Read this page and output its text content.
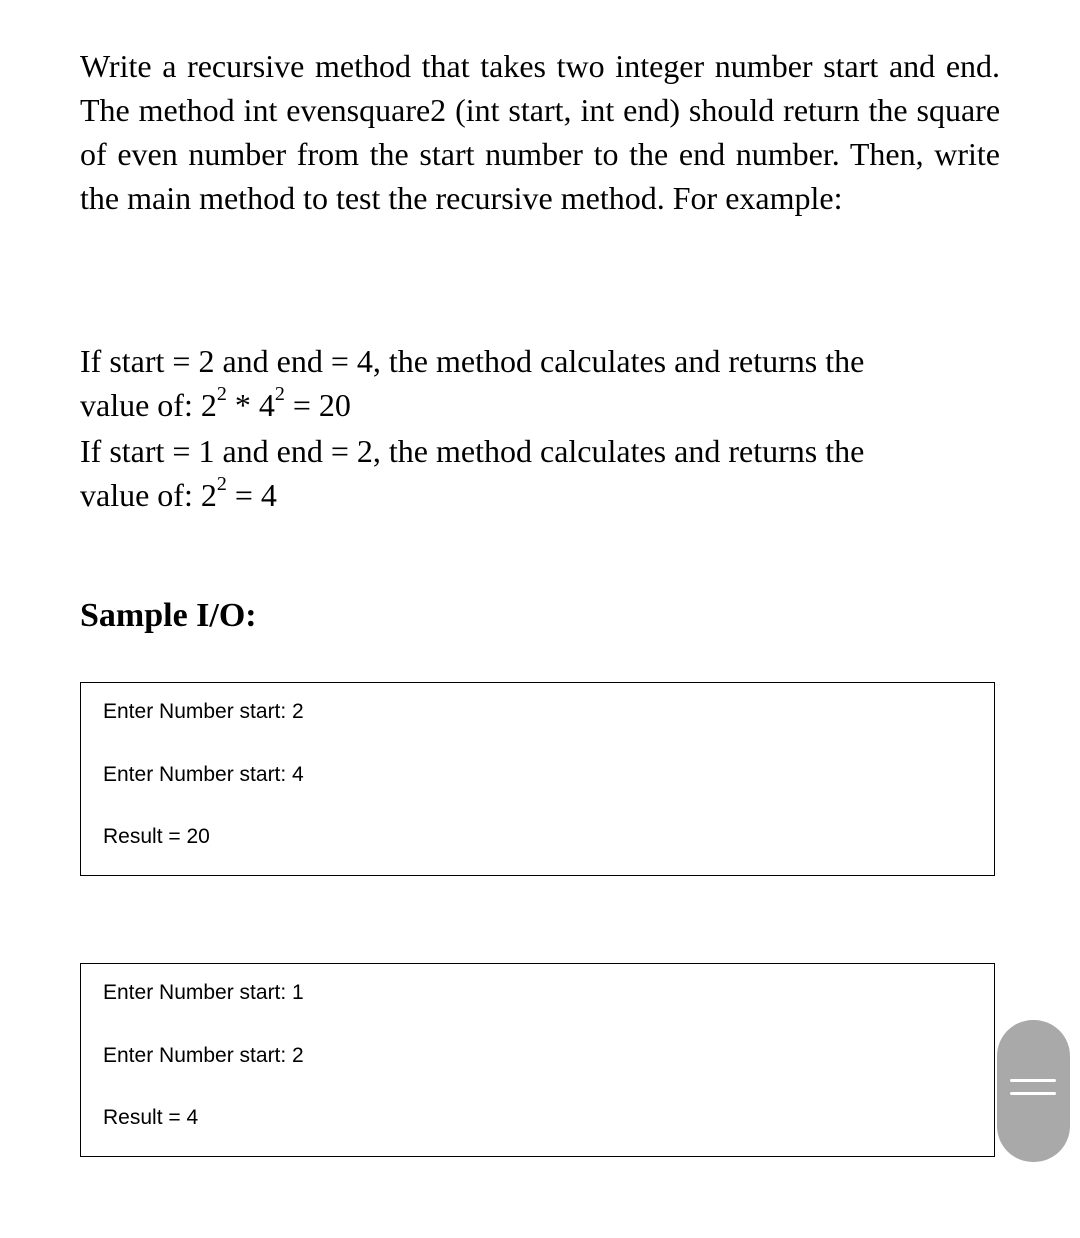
Write a recursive method that takes two integer number start and end. The method int evensquare2 (int start, int end) should return the square of even number from the start number to the end number. Then, write the main method to test the recursive method. For example:

If start = 2 and end = 4, the method calculates and returns the

value of: $2^2 * 4^2 = 20$

If start = 1 and end = 2, the method calculates and returns the

value of: $2^2 = 4$

Sample I/O:
Enter Number start: 2
Enter Number start: 4
Result = 20
Enter Number start: 1
Enter Number start: 2
Result = 4
